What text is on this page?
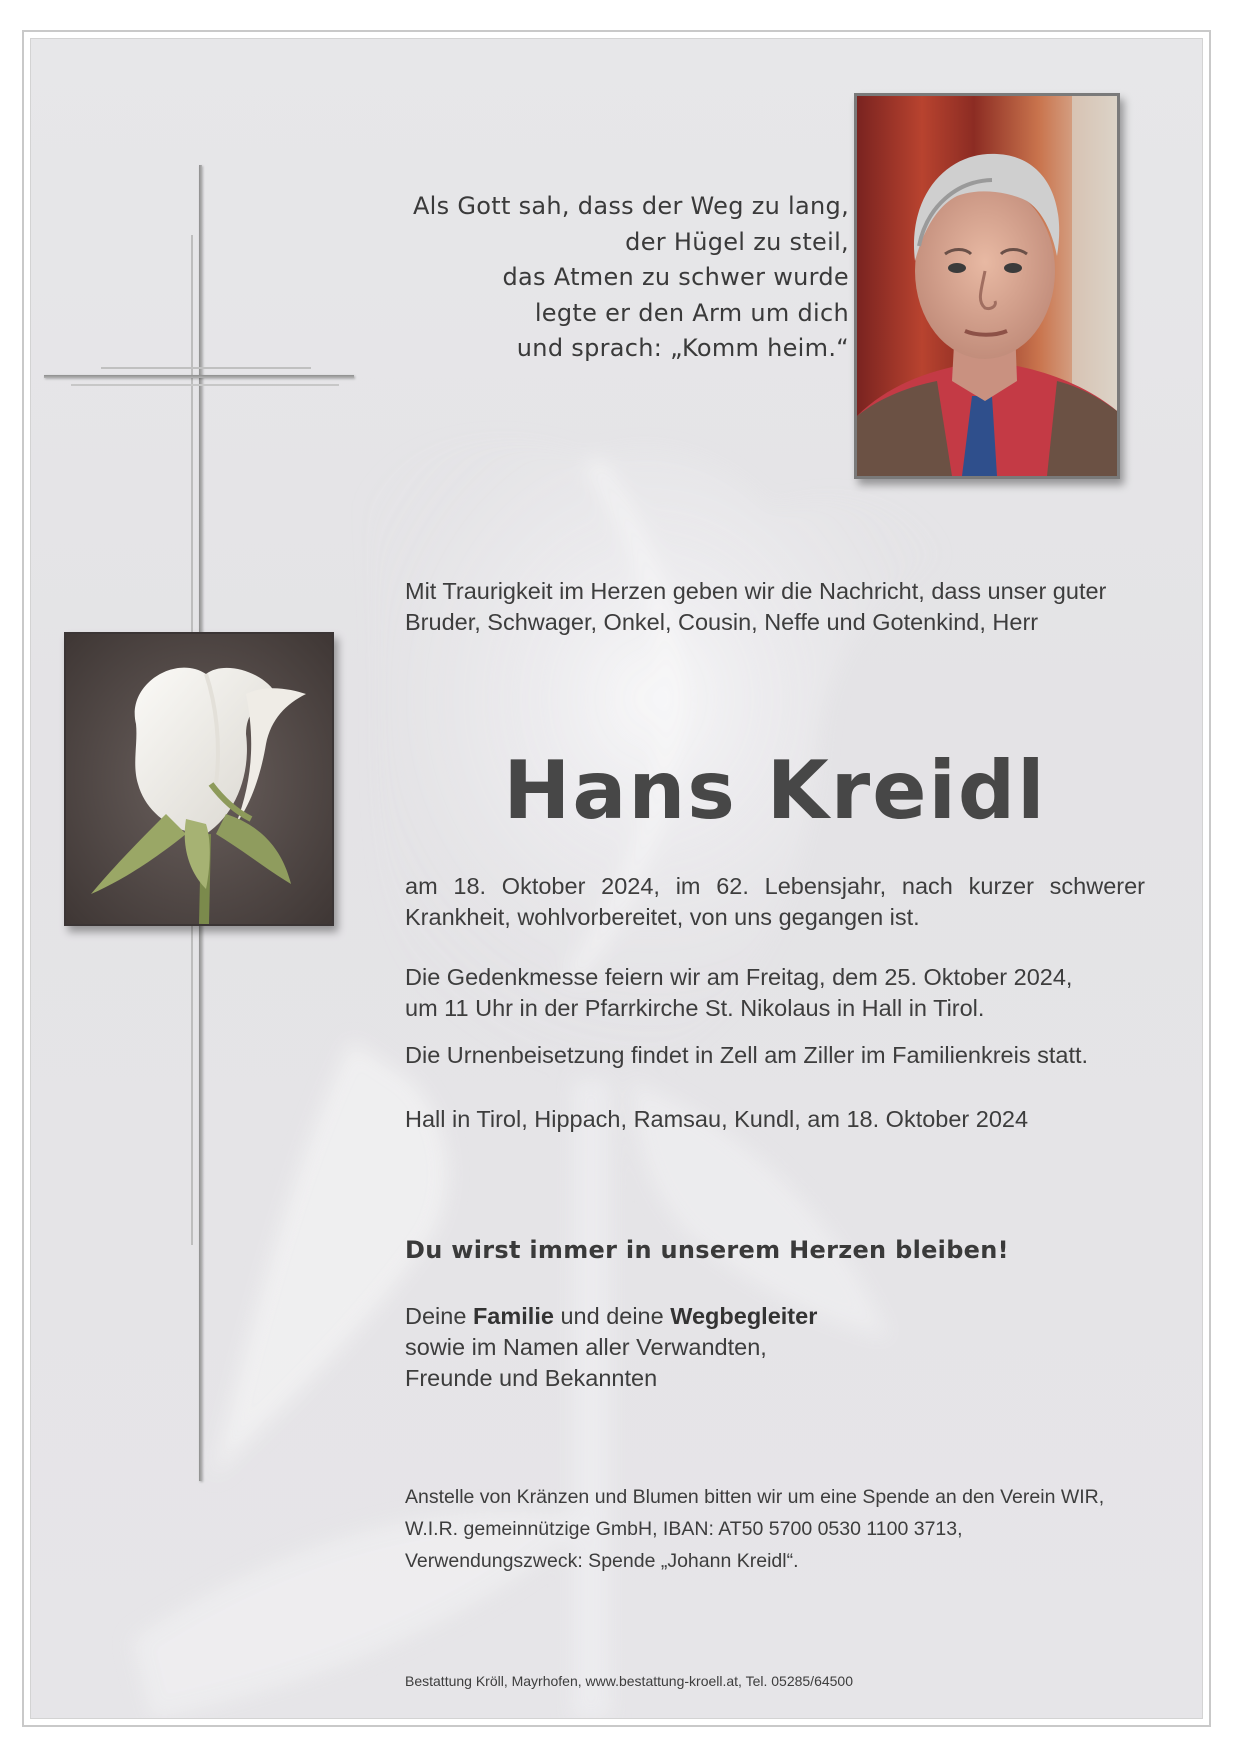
Als Gott sah, dass der Weg zu lang,
der Hügel zu steil,
das Atmen zu schwer wurde
legte er den Arm um dich
und sprach: „Komm heim.“
Mit Traurigkeit im Herzen geben wir die Nachricht, dass unser guter
Bruder, Schwager, Onkel, Cousin, Neffe und Gotenkind, Herr
Hans Kreidl
am 18. Oktober 2024, im 62. Lebensjahr, nach kurzer schwerer
Krankheit, wohlvorbereitet, von uns gegangen ist.
Die Gedenkmesse feiern wir am Freitag, dem 25. Oktober 2024,
um 11 Uhr in der Pfarrkirche St. Nikolaus in Hall in Tirol.
Die Urnenbeisetzung findet in Zell am Ziller im Familienkreis statt.
Hall in Tirol, Hippach, Ramsau, Kundl, am 18. Oktober 2024
Du wirst immer in unserem Herzen bleiben!
Deine Familie und deine Wegbegleiter
sowie im Namen aller Verwandten,
Freunde und Bekannten
Anstelle von Kränzen und Blumen bitten wir um eine Spende an den Verein WIR,
W.I.R. gemeinnützige GmbH, IBAN: AT50 5700 0530 1100 3713,
Verwendungszweck: Spende „Johann Kreidl“.
Bestattung Kröll, Mayrhofen, www.bestattung-kroell.at, Tel. 05285/64500
